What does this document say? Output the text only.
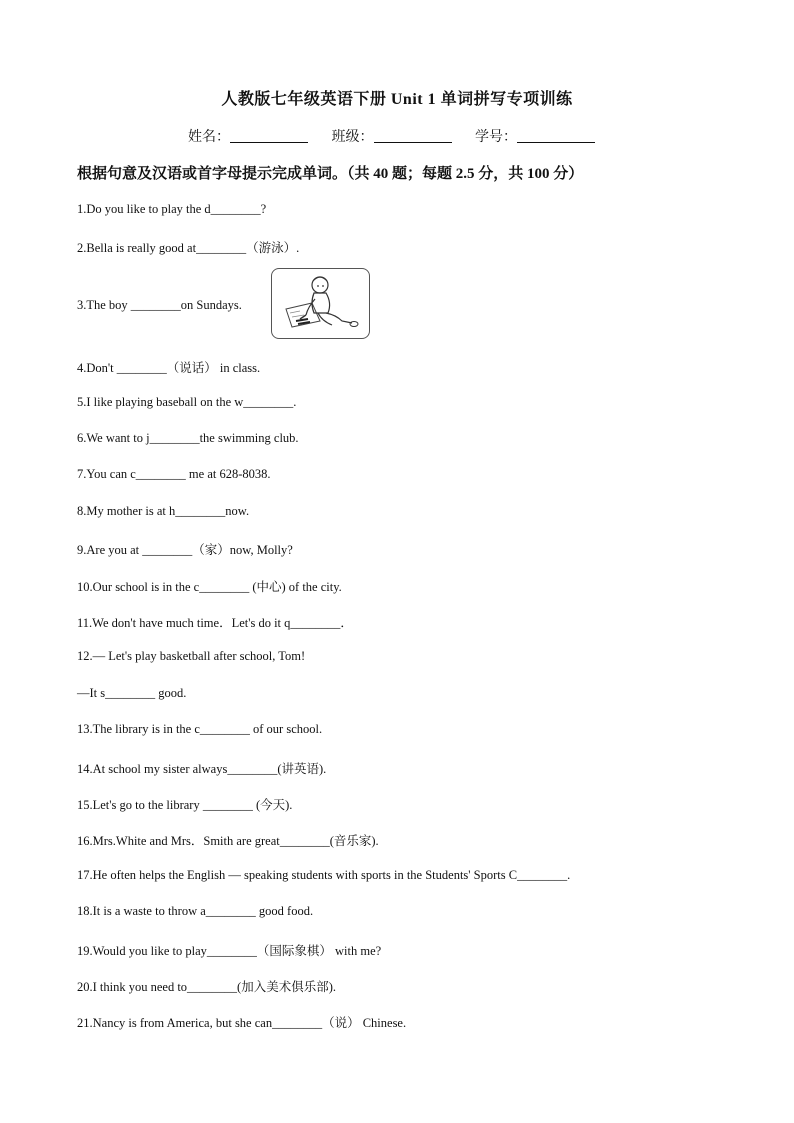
人教版七年级英语下册 Unit 1 单词拼写专项训练
姓名：	班级：	学号：
根据句意及汉语或首字母提示完成单词。（共 40 题；每题 2.5 分，共 100 分）
1.Do you like to play the d________?
2.Bella is really good at________（游泳）.
3.The boy ________on Sundays.
4.Don't ________（说话） in class.
5.I like playing baseball on the w________.
6.We want to j________the swimming club.
7.You can c________ me at 628-8038.
8.My mother is at h________now.
9.Are you at ________（家）now, Molly?
10.Our school is in the c________ (中心) of the city.
11.We don't have much time．Let's do it q________．
12.— Let's play basketball after school, Tom!
—It s________ good.
13.The library is in the c________ of our school.
14.At school my sister always________(讲英语).
15.Let's go to the library ________ (今天).
16.Mrs.White and Mrs．Smith are great________(音乐家).
17.He often helps the English — speaking students with sports in the Students' Sports C________.
18.It is a waste to throw a________ good food.
19.Would you like to play________（国际象棋） with me?
20.I think you need to________(加入美术俱乐部).
21.Nancy is from America, but she can________（说） Chinese.
